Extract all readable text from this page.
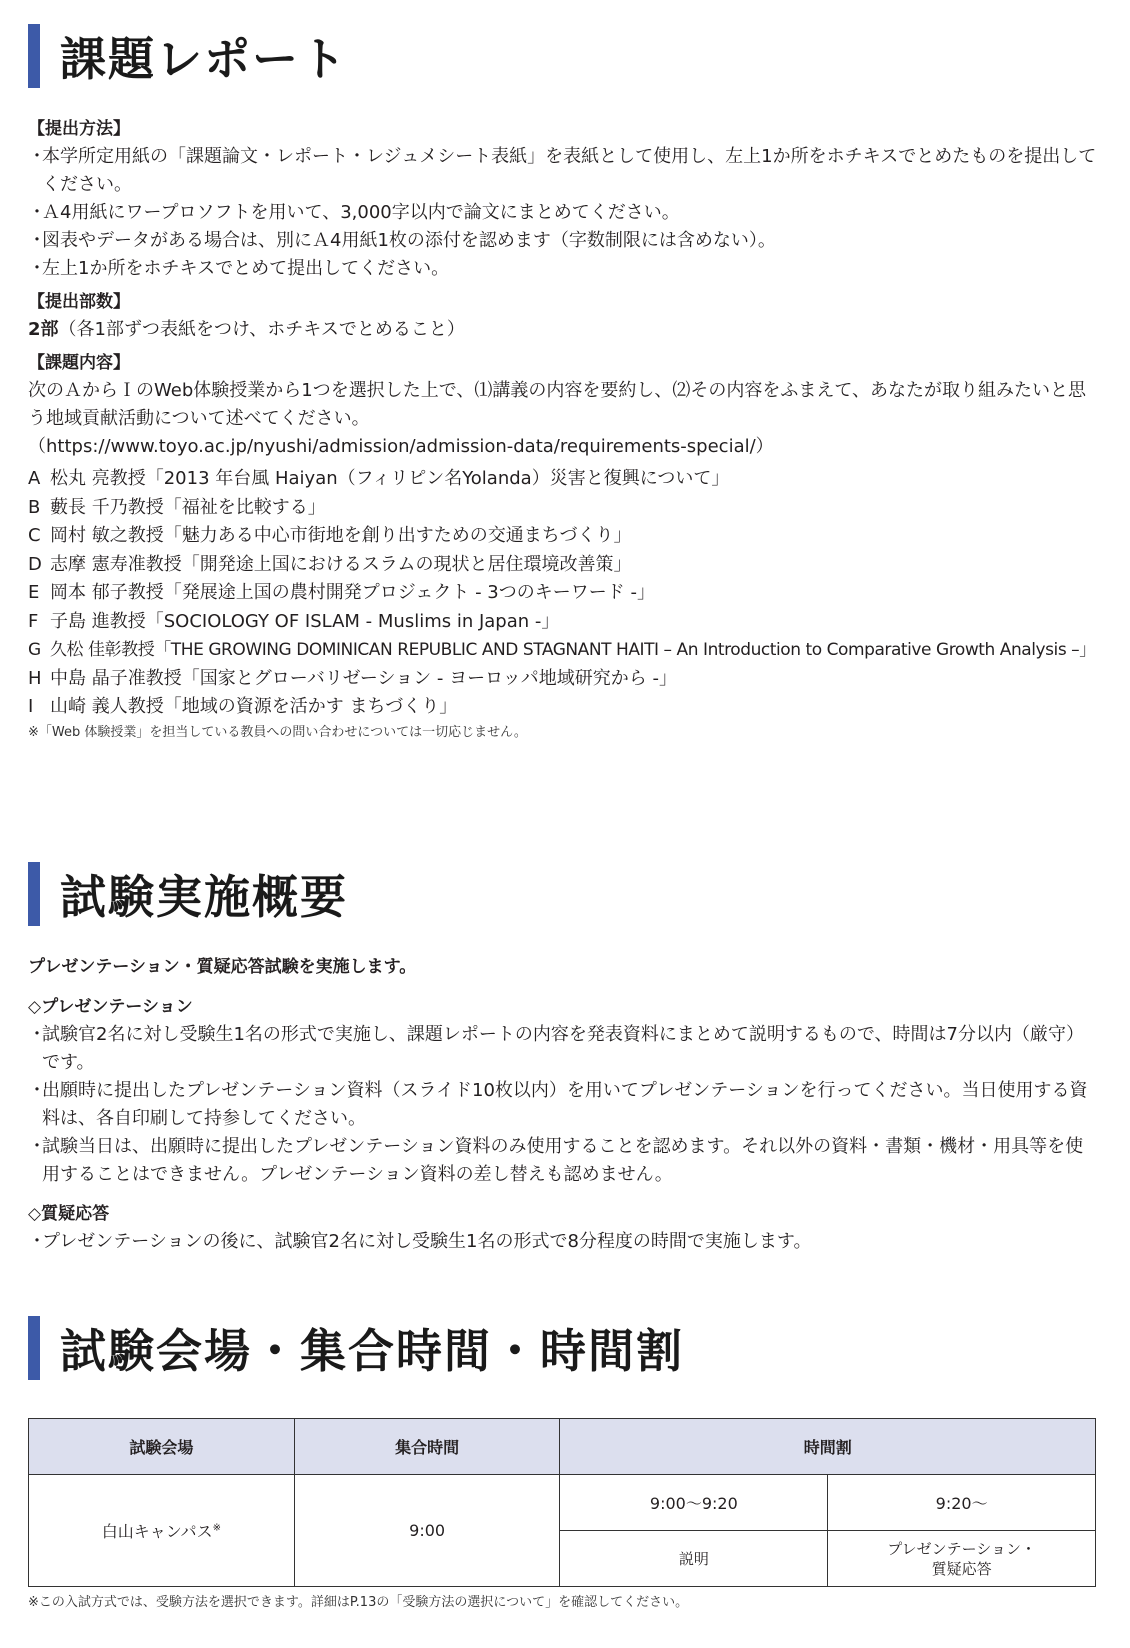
課題レポート
【提出方法】
・
本学所定用紙の「課題論文・レポート・レジュメシート表紙」を表紙として使用し、左上1か所をホチキスでとめたものを提出してください。
・
Ａ4用紙にワープロソフトを用いて、3,000字以内で論文にまとめてください。
・
図表やデータがある場合は、別にＡ4用紙1枚の添付を認めます（字数制限には含めない）。
・
左上1か所をホチキスでとめて提出してください。
【提出部数】
2部（各1部ずつ表紙をつけ、ホチキスでとめること）
【課題内容】
次のＡからＩのWeb体験授業から1つを選択した上で、⑴講義の内容を要約し、⑵その内容をふまえて、あなたが取り組みたいと思う地域貢献活動について述べてください。
（https://www.toyo.ac.jp/nyushi/admission/admission-data/requirements-special/）
A 松丸 亮教授「2013 年台風 Haiyan（フィリピン名Yolanda）災害と復興について」
B 藪長 千乃教授「福祉を比較する」
C 岡村 敏之教授「魅力ある中心市街地を創り出すための交通まちづくり」
D 志摩 憲寿准教授「開発途上国におけるスラムの現状と居住環境改善策」
E 岡本 郁子教授「発展途上国の農村開発プロジェクト - 3つのキーワード -」
F 子島 進教授「SOCIOLOGY OF ISLAM - Muslims in Japan -」
G 久松 佳彰教授「THE GROWING DOMINICAN REPUBLIC AND STAGNANT HAITI – An Introduction to Comparative Growth Analysis –」
H 中島 晶子准教授「国家とグローバリゼーション - ヨーロッパ地域研究から -」
I 山崎 義人教授「地域の資源を活かす まちづくり」
※「Web 体験授業」を担当している教員への問い合わせについては一切応じません。
試験実施概要
プレゼンテーション・質疑応答試験を実施します。
◇プレゼンテーション
・
試験官2名に対し受験生1名の形式で実施し、課題レポートの内容を発表資料にまとめて説明するもので、時間は7分以内（厳守）です。
・
出願時に提出したプレゼンテーション資料（スライド10枚以内）を用いてプレゼンテーションを行ってください。当日使用する資料は、各自印刷して持参してください。
・
試験当日は、出願時に提出したプレゼンテーション資料のみ使用することを認めます。それ以外の資料・書類・機材・用具等を使用することはできません。プレゼンテーション資料の差し替えも認めません。
◇質疑応答
・
プレゼンテーションの後に、試験官2名に対し受験生1名の形式で8分程度の時間で実施します。
試験会場・集合時間・時間割
試験会場	集合時間	時間割	
白山キャンパス※	9:00	9:00～9:20	9:20～
		説明	プレゼンテーション・
質疑応答
※この入試方式では、受験方法を選択できます。詳細はP.13の「受験方法の選択について」を確認してください。
